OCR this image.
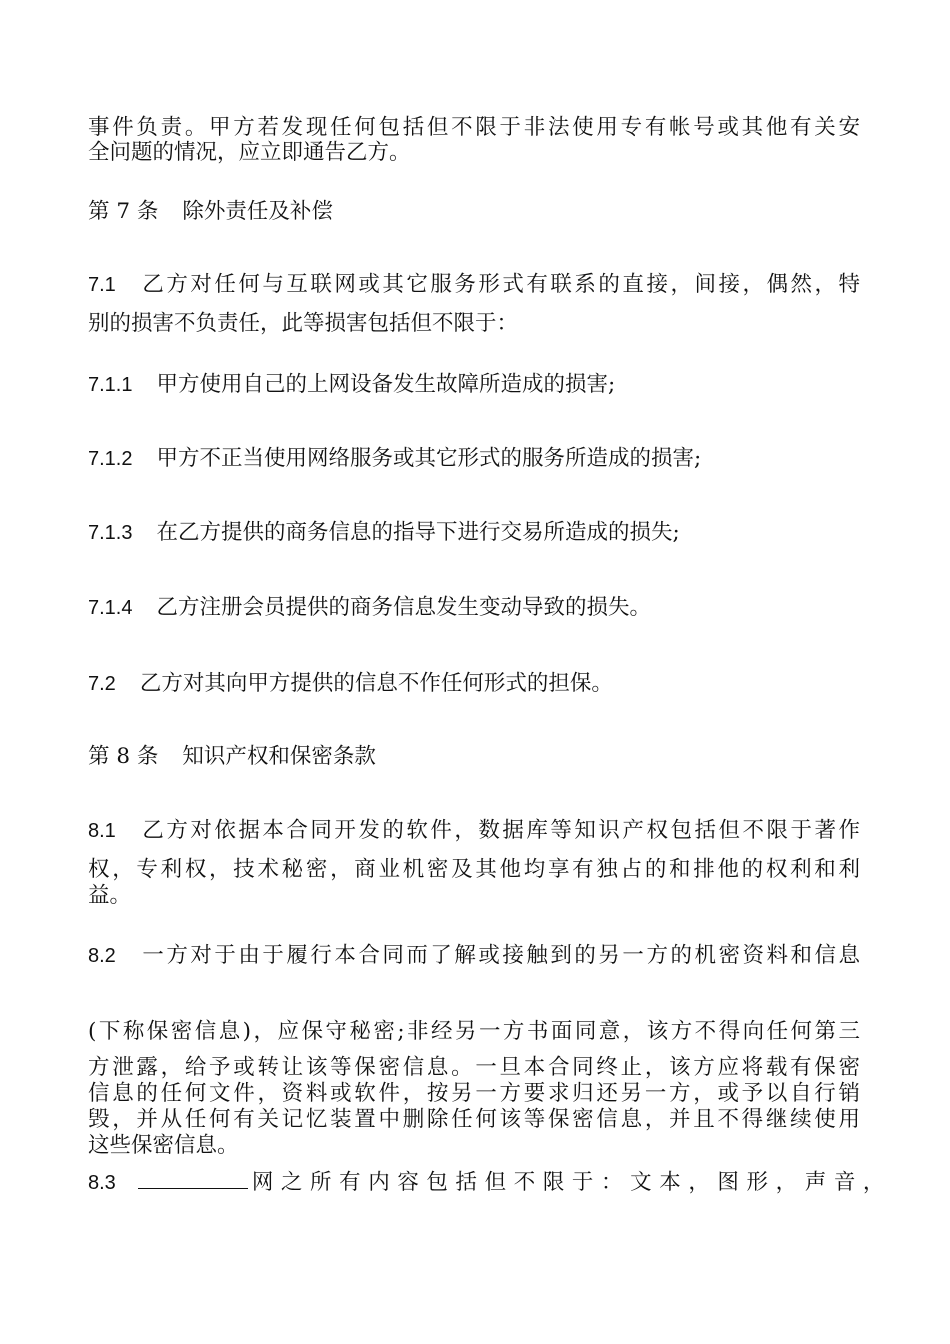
事件负责。甲方若发现任何包括但不限于非法使用专有帐号或其他有关安
全问题的情况，应立即通告乙方。
第 7 条 除外责任及补偿
7.1 乙方对任何与互联网或其它服务形式有联系的直接，间接，偶然，特
别的损害不负责任，此等损害包括但不限于：
7.1.1 甲方使用自己的上网设备发生故障所造成的损害;
7.1.2 甲方不正当使用网络服务或其它形式的服务所造成的损害;
7.1.3 在乙方提供的商务信息的指导下进行交易所造成的损失;
7.1.4 乙方注册会员提供的商务信息发生变动导致的损失。
7.2 乙方对其向甲方提供的信息不作任何形式的担保。
第 8 条 知识产权和保密条款
8.1 乙方对依据本合同开发的软件，数据库等知识产权包括但不限于著作
权，专利权，技术秘密，商业机密及其他均享有独占的和排他的权利和利
益。
8.2 一方对于由于履行本合同而了解或接触到的另一方的机密资料和信息
(下称保密信息)，应保守秘密;非经另一方书面同意，该方不得向任何第三
方泄露，给予或转让该等保密信息。一旦本合同终止，该方应将载有保密
信息的任何文件，资料或软件，按另一方要求归还另一方，或予以自行销
毁，并从任何有关记忆装置中删除任何该等保密信息，并且不得继续使用
这些保密信息。
8.3	网之所有内容包括但不限于：文本，图形，声音，
